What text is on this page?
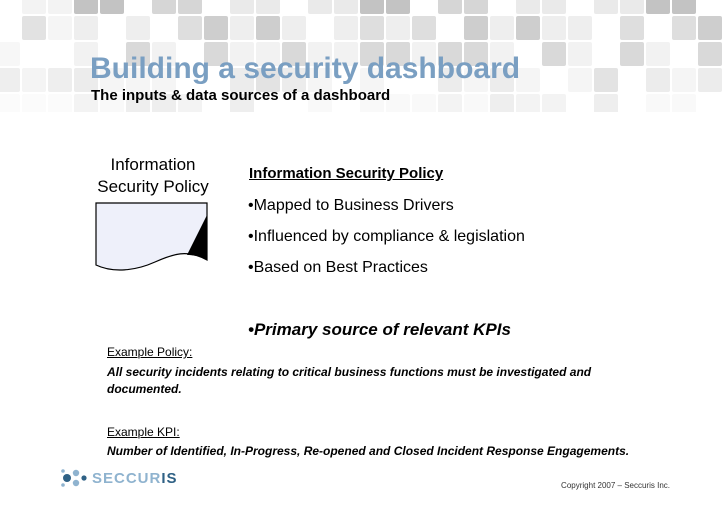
Building a security dashboard
The inputs & data sources of a dashboard
Information Security Policy
Information Security Policy
•Mapped to Business Drivers
•Influenced by compliance & legislation
•Based on Best Practices
•Primary source of relevant KPIs
Example Policy:
All security incidents relating to critical business functions must be investigated and documented.
Example KPI:
Number of Identified, In-Progress, Re-opened and Closed Incident Response Engagements.
SECCURIS	Copyright 2007 – Seccuris Inc.
